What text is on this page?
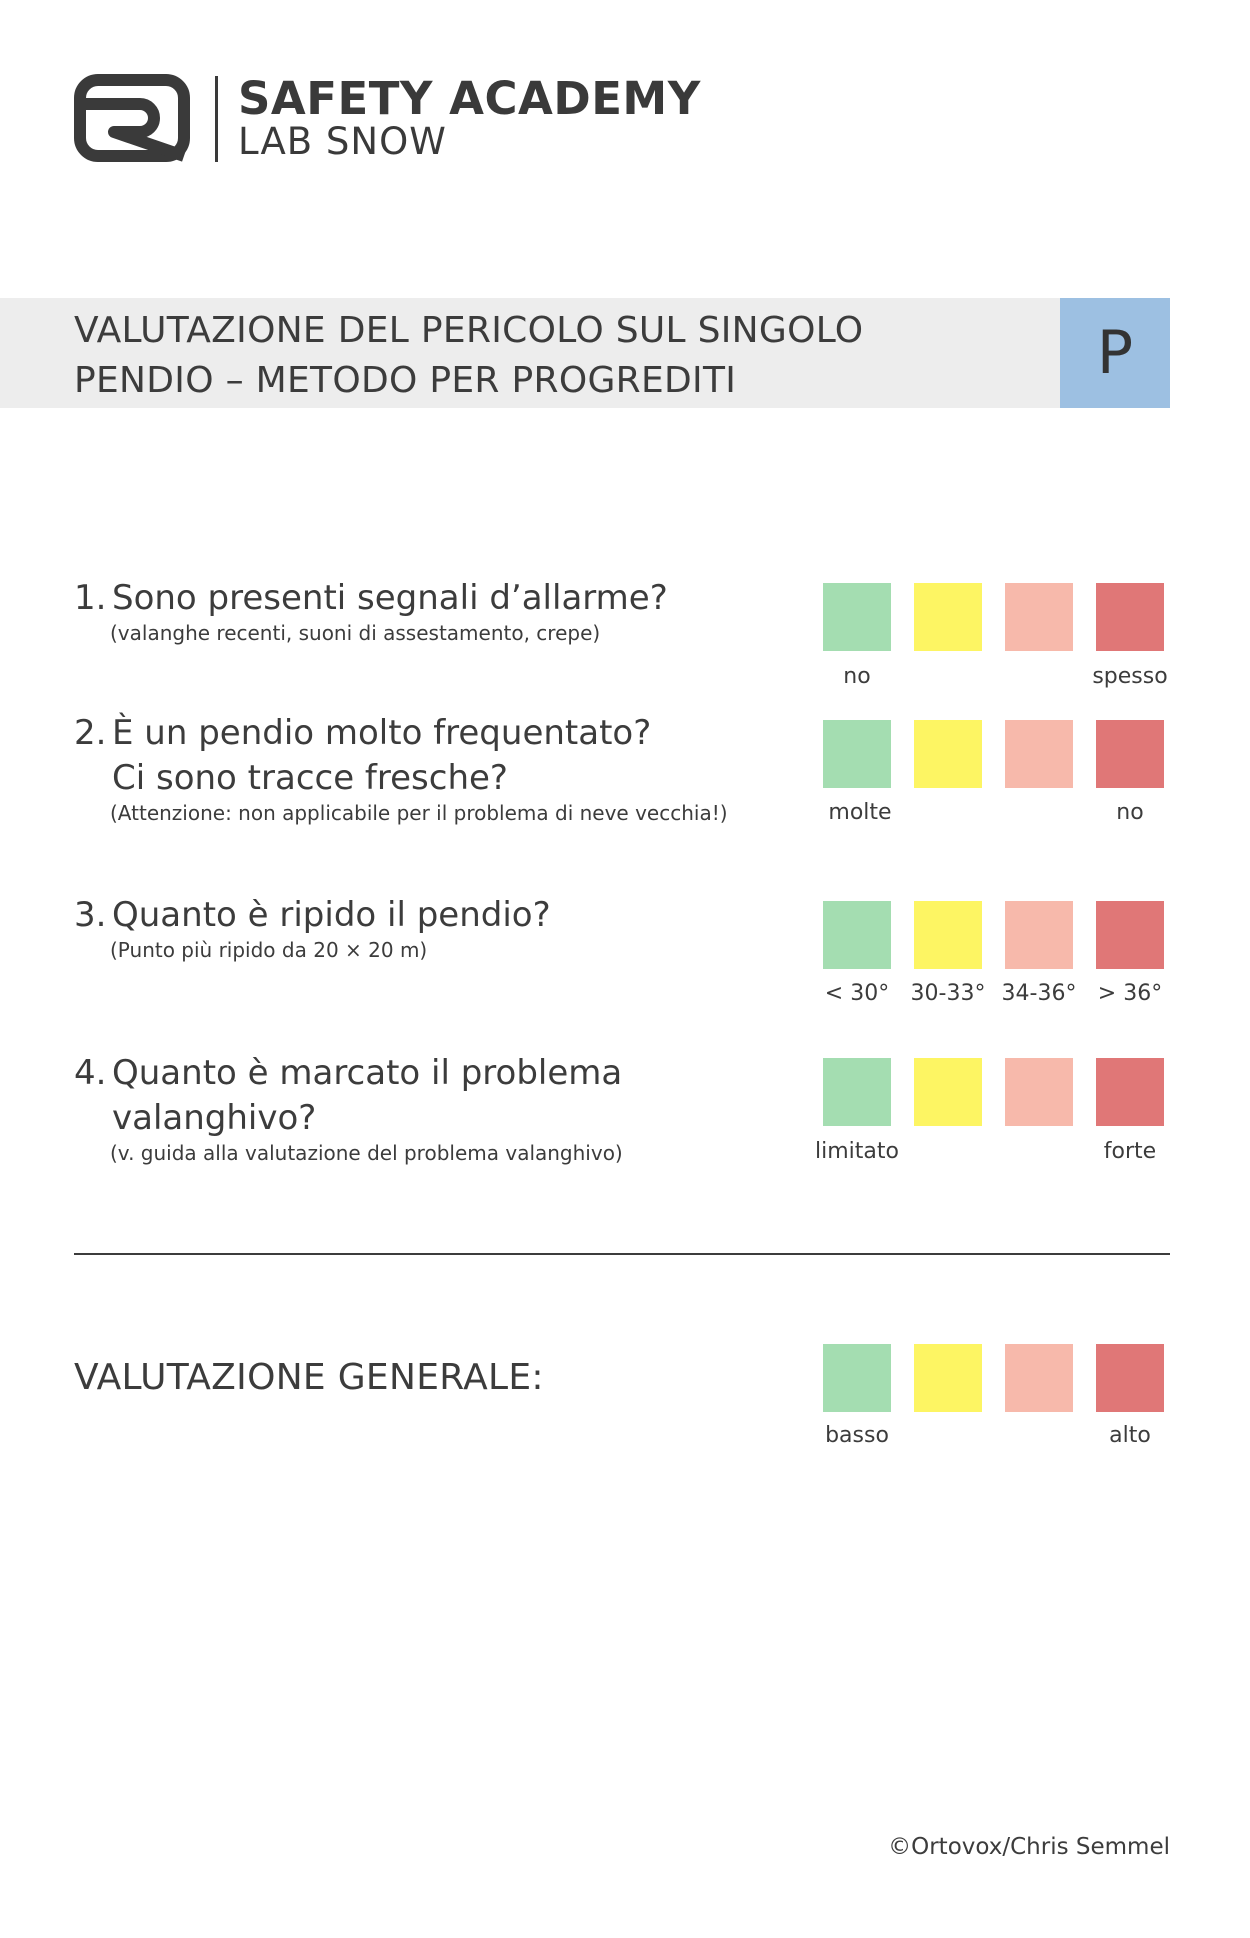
SAFETY ACADEMY
LAB SNOW
VALUTAZIONE DEL PERICOLO SUL SINGOLO
PENDIO – METODO PER PROGREDITI	P
1. Sono presenti segnali d’allarme?
(valanghe recenti, suoni di assestamento, crepe)
no	spesso
2. È un pendio molto frequentato?
Ci sono tracce fresche?
(Attenzione: non applicabile per il problema di neve vecchia!)	molte	no
3. Quanto è ripido il pendio?
(Punto più ripido da 20 × 20 m)
< 30° 30-33° 34-36° > 36°
4. Quanto è marcato il problema
valanghivo?
(v. guida alla valutazione del problema valanghivo)	limitato	forte
VALUTAZIONE GENERALE:
basso	alto
©Ortovox/Chris Semmel
